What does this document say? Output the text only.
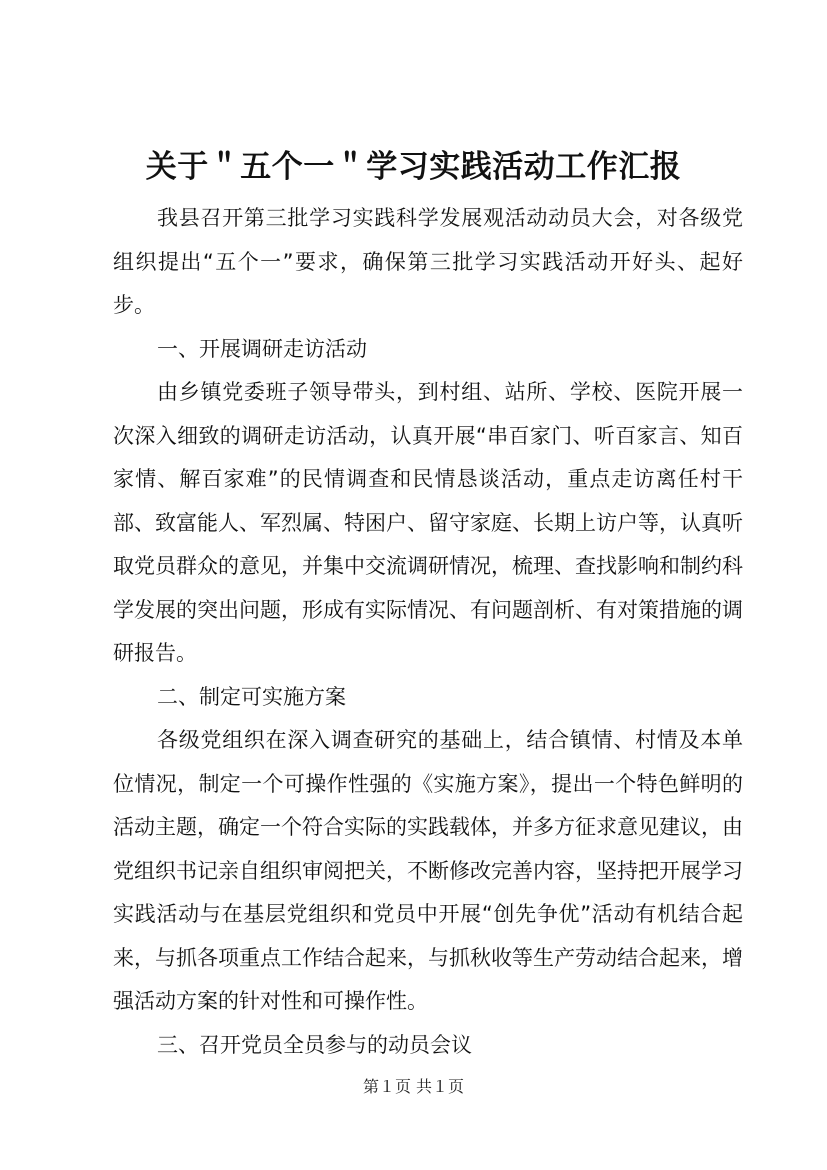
关于＂五个一＂学习实践活动工作汇报

我县召开第三批学习实践科学发展观活动动员大会，对各级党组织提出“五个一”要求，确保第三批学习实践活动开好头、起好步。

一、开展调研走访活动

由乡镇党委班子领导带头，到村组、站所、学校、医院开展一次深入细致的调研走访活动，认真开展“串百家门、听百家言、知百家情、解百家难”的民情调查和民情恳谈活动，重点走访离任村干部、致富能人、军烈属、特困户、留守家庭、长期上访户等，认真听取党员群众的意见，并集中交流调研情况，梳理、查找影响和制约科学发展的突出问题，形成有实际情况、有问题剖析、有对策措施的调研报告。

二、制定可实施方案

各级党组织在深入调查研究的基础上，结合镇情、村情及本单位情况，制定一个可操作性强的《实施方案》，提出一个特色鲜明的活动主题，确定一个符合实际的实践载体，并多方征求意见建议，由党组织书记亲自组织审阅把关，不断修改完善内容，坚持把开展学习实践活动与在基层党组织和党员中开展“创先争优”活动有机结合起来，与抓各项重点工作结合起来，与抓秋收等生产劳动结合起来，增强活动方案的针对性和可操作性。

三、召开党员全员参与的动员会议

第１页 共１页
